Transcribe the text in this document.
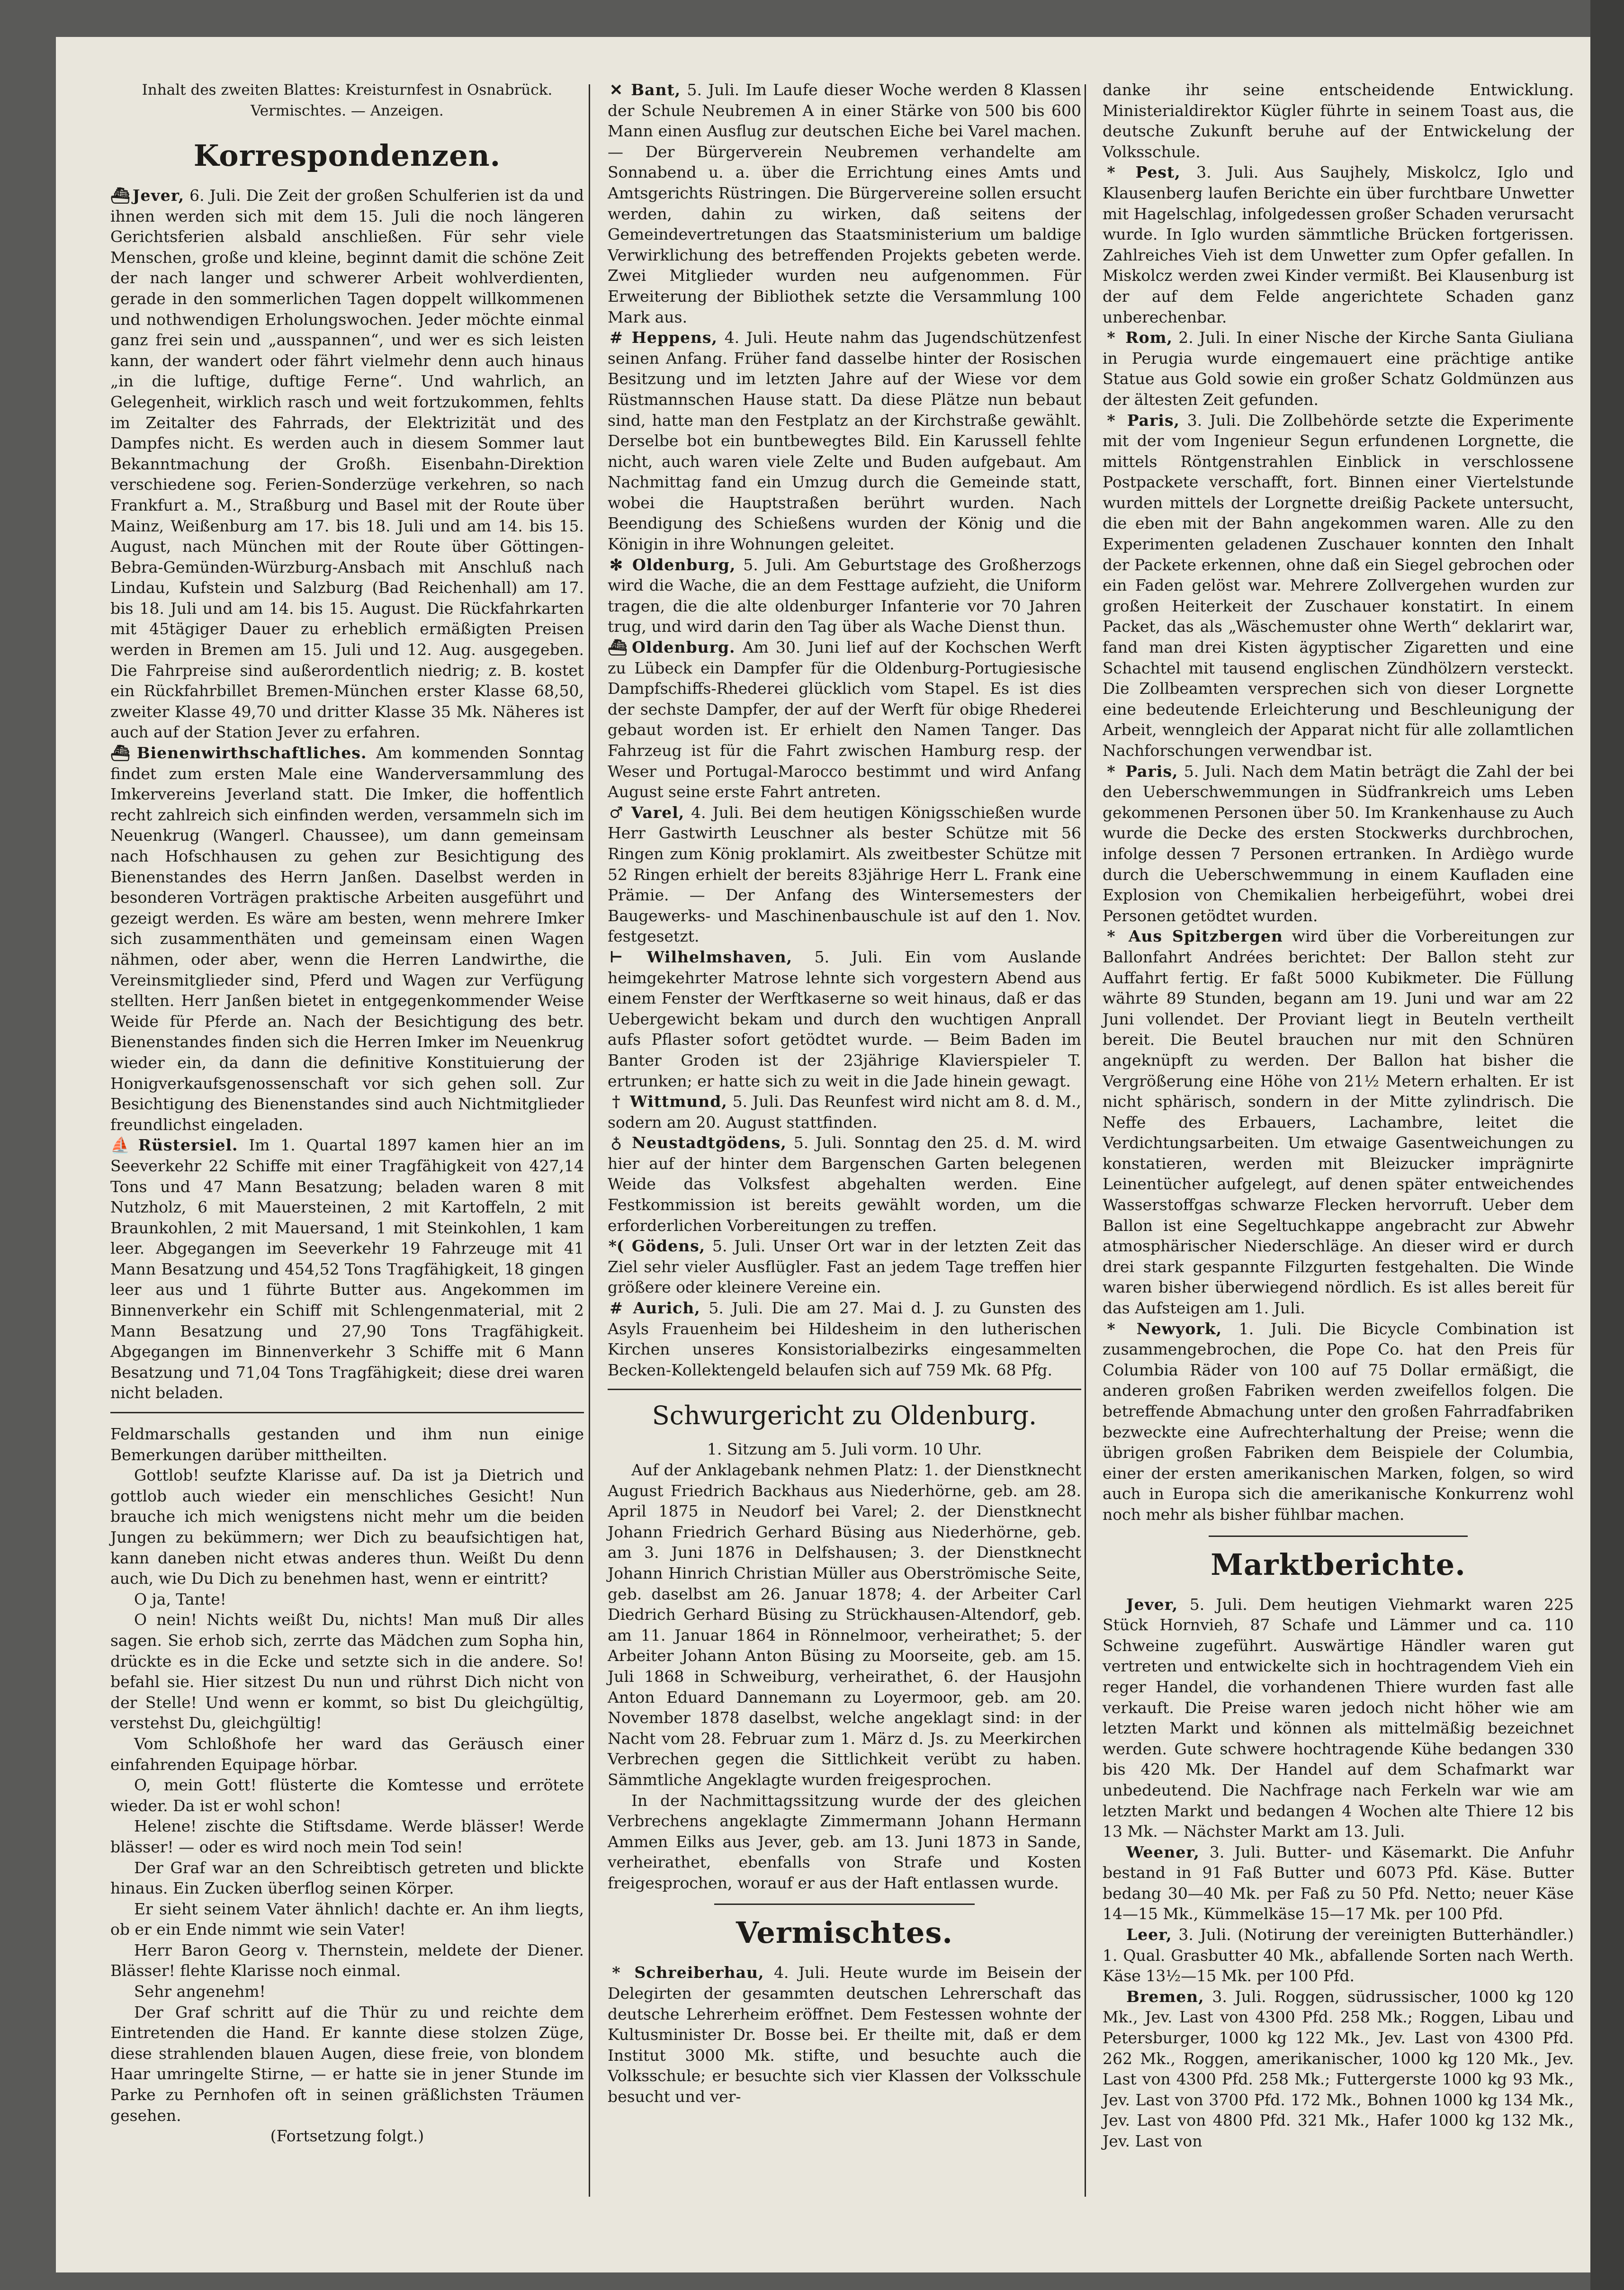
Inhalt des zweiten Blattes: Kreisturnfest in Osnabrück.
Vermischtes. — Anzeigen.

Korrespondenzen.

⛴ Jever, 6. Juli. Die Zeit der großen Schulferien ist da und ihnen werden sich mit dem 15. Juli die noch längeren Gerichtsferien alsbald anschließen. Für sehr viele Menschen, große und kleine, beginnt damit die schöne Zeit der nach langer und schwerer Arbeit wohlverdienten, gerade in den sommerlichen Tagen doppelt willkommenen und nothwendigen Erholungswochen. Jeder möchte einmal ganz frei sein und „ausspannen“, und wer es sich leisten kann, der wandert oder fährt vielmehr denn auch hinaus „in die luftige, duftige Ferne“. Und wahrlich, an Gelegenheit, wirklich rasch und weit fortzukommen, fehlts im Zeitalter des Fahrrads, der Elektrizität und des Dampfes nicht. Es werden auch in diesem Sommer laut Bekanntmachung der Großh. Eisenbahn-Direktion verschiedene sog. Ferien-Sonderzüge verkehren, so nach Frankfurt a. M., Straßburg und Basel mit der Route über Mainz, Weißenburg am 17. bis 18. Juli und am 14. bis 15. August, nach München mit der Route über Göttingen-Bebra-Gemünden-Würzburg-Ansbach mit Anschluß nach Lindau, Kufstein und Salzburg (Bad Reichenhall) am 17. bis 18. Juli und am 14. bis 15. August. Die Rückfahrkarten mit 45tägiger Dauer zu erheblich ermäßigten Preisen werden in Bremen am 15. Juli und 12. Aug. ausgegeben. Die Fahrpreise sind außerordentlich niedrig; z. B. kostet ein Rückfahrbillet Bremen-München erster Klasse 68,50, zweiter Klasse 49,70 und dritter Klasse 35 Mk. Näheres ist auch auf der Station Jever zu erfahren.

⛴ Bienenwirthschaftliches. Am kommenden Sonntag findet zum ersten Male eine Wanderversammlung des Imkervereins Jeverland statt. Die Imker, die hoffentlich recht zahlreich sich einfinden werden, versammeln sich im Neuenkrug (Wangerl. Chaussee), um dann gemeinsam nach Hofschhausen zu gehen zur Besichtigung des Bienenstandes des Herrn Janßen. Daselbst werden in besonderen Vorträgen praktische Arbeiten ausgeführt und gezeigt werden. Es wäre am besten, wenn mehrere Imker sich zusammenthäten und gemeinsam einen Wagen nähmen, oder aber, wenn die Herren Landwirthe, die Vereinsmitglieder sind, Pferd und Wagen zur Verfügung stellten. Herr Janßen bietet in entgegenkommender Weise Weide für Pferde an. Nach der Besichtigung des betr. Bienenstandes finden sich die Herren Imker im Neuenkrug wieder ein, da dann die definitive Konstituierung der Honigverkaufsgenossenschaft vor sich gehen soll. Zur Besichtigung des Bienenstandes sind auch Nichtmitglieder freundlichst eingeladen.

⛵ Rüstersiel. Im 1. Quartal 1897 kamen hier an im Seeverkehr 22 Schiffe mit einer Tragfähigkeit von 427,14 Tons und 47 Mann Besatzung; beladen waren 8 mit Nutzholz, 6 mit Mauersteinen, 2 mit Kartoffeln, 2 mit Braunkohlen, 2 mit Mauersand, 1 mit Steinkohlen, 1 kam leer. Abgegangen im Seeverkehr 19 Fahrzeuge mit 41 Mann Besatzung und 454,52 Tons Tragfähigkeit, 18 gingen leer aus und 1 führte Butter aus. Angekommen im Binnenverkehr ein Schiff mit Schlengenmaterial, mit 2 Mann Besatzung und 27,90 Tons Tragfähigkeit. Abgegangen im Binnenverkehr 3 Schiffe mit 6 Mann Besatzung und 71,04 Tons Tragfähigkeit; diese drei waren nicht beladen.

Feldmarschalls gestanden und ihm nun einige Bemerkungen darüber mittheilten.

Gottlob! seufzte Klarisse auf. Da ist ja Dietrich und gottlob auch wieder ein menschliches Gesicht! Nun brauche ich mich wenigstens nicht mehr um die beiden Jungen zu bekümmern; wer Dich zu beaufsichtigen hat, kann daneben nicht etwas anderes thun. Weißt Du denn auch, wie Du Dich zu benehmen hast, wenn er eintritt?

O ja, Tante!

O nein! Nichts weißt Du, nichts! Man muß Dir alles sagen. Sie erhob sich, zerrte das Mädchen zum Sopha hin, drückte es in die Ecke und setzte sich in die andere. So! befahl sie. Hier sitzest Du nun und rührst Dich nicht von der Stelle! Und wenn er kommt, so bist Du gleichgültig, verstehst Du, gleichgültig!

Vom Schloßhofe her ward das Geräusch einer einfahrenden Equipage hörbar.

O, mein Gott! flüsterte die Komtesse und errötete wieder. Da ist er wohl schon!

Helene! zischte die Stiftsdame. Werde blässer! Werde blässer! — oder es wird noch mein Tod sein!

Der Graf war an den Schreibtisch getreten und blickte hinaus. Ein Zucken überflog seinen Körper.

Er sieht seinem Vater ähnlich! dachte er. An ihm liegts, ob er ein Ende nimmt wie sein Vater!

Herr Baron Georg v. Thernstein, meldete der Diener. Blässer! flehte Klarisse noch einmal.

Sehr angenehm!

Der Graf schritt auf die Thür zu und reichte dem Eintretenden die Hand. Er kannte diese stolzen Züge, diese strahlenden blauen Augen, diese freie, von blondem Haar umringelte Stirne, — er hatte sie in jener Stunde im Parke zu Pernhofen oft in seinen gräßlichsten Träumen gesehen.

(Fortsetzung folgt.)

✕ Bant, 5. Juli. Im Laufe dieser Woche werden 8 Klassen der Schule Neubremen A in einer Stärke von 500 bis 600 Mann einen Ausflug zur deutschen Eiche bei Varel machen. — Der Bürgerverein Neubremen verhandelte am Sonnabend u. a. über die Errichtung eines Amts und Amtsgerichts Rüstringen. Die Bürgervereine sollen ersucht werden, dahin zu wirken, daß seitens der Gemeindevertretungen das Staatsministerium um baldige Verwirklichung des betreffenden Projekts gebeten werde. Zwei Mitglieder wurden neu aufgenommen. Für Erweiterung der Bibliothek setzte die Versammlung 100 Mark aus.

# Heppens, 4. Juli. Heute nahm das Jugendschützenfest seinen Anfang. Früher fand dasselbe hinter der Rosischen Besitzung und im letzten Jahre auf der Wiese vor dem Rüstmannschen Hause statt. Da diese Plätze nun bebaut sind, hatte man den Festplatz an der Kirchstraße gewählt. Derselbe bot ein buntbewegtes Bild. Ein Karussell fehlte nicht, auch waren viele Zelte und Buden aufgebaut. Am Nachmittag fand ein Umzug durch die Gemeinde statt, wobei die Hauptstraßen berührt wurden. Nach Beendigung des Schießens wurden der König und die Königin in ihre Wohnungen geleitet.

✻ Oldenburg, 5. Juli. Am Geburtstage des Großherzogs wird die Wache, die an dem Festtage aufzieht, die Uniform tragen, die die alte oldenburger Infanterie vor 70 Jahren trug, und wird darin den Tag über als Wache Dienst thun.

⛴ Oldenburg. Am 30. Juni lief auf der Kochschen Werft zu Lübeck ein Dampfer für die Oldenburg-Portugiesische Dampfschiffs-Rhederei glücklich vom Stapel. Es ist dies der sechste Dampfer, der auf der Werft für obige Rhederei gebaut worden ist. Er erhielt den Namen Tanger. Das Fahrzeug ist für die Fahrt zwischen Hamburg resp. der Weser und Portugal-Marocco bestimmt und wird Anfang August seine erste Fahrt antreten.

♂ Varel, 4. Juli. Bei dem heutigen Königsschießen wurde Herr Gastwirth Leuschner als bester Schütze mit 56 Ringen zum König proklamirt. Als zweitbester Schütze mit 52 Ringen erhielt der bereits 83jährige Herr L. Frank eine Prämie. — Der Anfang des Wintersemesters der Baugewerks- und Maschinenbauschule ist auf den 1. Nov. festgesetzt.

⊢ Wilhelmshaven, 5. Juli. Ein vom Auslande heimgekehrter Matrose lehnte sich vorgestern Abend aus einem Fenster der Werftkaserne so weit hinaus, daß er das Uebergewicht bekam und durch den wuchtigen Anprall aufs Pflaster sofort getödtet wurde. — Beim Baden im Banter Groden ist der 23jährige Klavierspieler T. ertrunken; er hatte sich zu weit in die Jade hinein gewagt.

† Wittmund, 5. Juli. Das Reunfest wird nicht am 8. d. M., sodern am 20. August stattfinden.

♁ Neustadtgödens, 5. Juli. Sonntag den 25. d. M. wird hier auf der hinter dem Bargenschen Garten belegenen Weide das Volksfest abgehalten werden. Eine Festkommission ist bereits gewählt worden, um die erforderlichen Vorbereitungen zu treffen.

*( Gödens, 5. Juli. Unser Ort war in der letzten Zeit das Ziel sehr vieler Ausflügler. Fast an jedem Tage treffen hier größere oder kleinere Vereine ein.

# Aurich, 5. Juli. Die am 27. Mai d. J. zu Gunsten des Asyls Frauenheim bei Hildesheim in den lutherischen Kirchen unseres Konsistorialbezirks eingesammelten Becken-Kollektengeld belaufen sich auf 759 Mk. 68 Pfg.

Schwurgericht zu Oldenburg.

1. Sitzung am 5. Juli vorm. 10 Uhr.

Auf der Anklagebank nehmen Platz: 1. der Dienstknecht August Friedrich Backhaus aus Niederhörne, geb. am 28. April 1875 in Neudorf bei Varel; 2. der Dienstknecht Johann Friedrich Gerhard Büsing aus Niederhörne, geb. am 3. Juni 1876 in Delfshausen; 3. der Dienstknecht Johann Hinrich Christian Müller aus Oberströmische Seite, geb. daselbst am 26. Januar 1878; 4. der Arbeiter Carl Diedrich Gerhard Büsing zu Strückhausen-Altendorf, geb. am 11. Januar 1864 in Rönnelmoor, verheirathet; 5. der Arbeiter Johann Anton Büsing zu Moorseite, geb. am 15. Juli 1868 in Schweiburg, verheirathet, 6. der Hausjohn Anton Eduard Dannemann zu Loyermoor, geb. am 20. November 1878 daselbst, welche angeklagt sind: in der Nacht vom 28. Februar zum 1. März d. Js. zu Meerkirchen Verbrechen gegen die Sittlichkeit verübt zu haben. Sämmtliche Angeklagte wurden freigesprochen.

In der Nachmittagssitzung wurde der des gleichen Verbrechens angeklagte Zimmermann Johann Hermann Ammen Eilks aus Jever, geb. am 13. Juni 1873 in Sande, verheirathet, ebenfalls von Strafe und Kosten freigesprochen, worauf er aus der Haft entlassen wurde.

Vermischtes.

* Schreiberhau, 4. Juli. Heute wurde im Beisein der Delegirten der gesammten deutschen Lehrerschaft das deutsche Lehrerheim eröffnet. Dem Festessen wohnte der Kultusminister Dr. Bosse bei. Er theilte mit, daß er dem Institut 3000 Mk. stifte, und besuchte auch die Volksschule; er besuchte sich vier Klassen der Volksschule besucht und ver-

danke ihr seine entscheidende Entwicklung. Ministerialdirektor Kügler führte in seinem Toast aus, die deutsche Zukunft beruhe auf der Entwickelung der Volksschule.

* Pest, 3. Juli. Aus Saujhely, Miskolcz, Iglo und Klausenberg laufen Berichte ein über furchtbare Unwetter mit Hagelschlag, infolgedessen großer Schaden verursacht wurde. In Iglo wurden sämmtliche Brücken fortgerissen. Zahlreiches Vieh ist dem Unwetter zum Opfer gefallen. In Miskolcz werden zwei Kinder vermißt. Bei Klausenburg ist der auf dem Felde angerichtete Schaden ganz unberechenbar.

* Rom, 2. Juli. In einer Nische der Kirche Santa Giuliana in Perugia wurde eingemauert eine prächtige antike Statue aus Gold sowie ein großer Schatz Goldmünzen aus der ältesten Zeit gefunden.

* Paris, 3. Juli. Die Zollbehörde setzte die Experimente mit der vom Ingenieur Segun erfundenen Lorgnette, die mittels Röntgenstrahlen Einblick in verschlossene Postpackete verschafft, fort. Binnen einer Viertelstunde wurden mittels der Lorgnette dreißig Packete untersucht, die eben mit der Bahn angekommen waren. Alle zu den Experimenten geladenen Zuschauer konnten den Inhalt der Packete erkennen, ohne daß ein Siegel gebrochen oder ein Faden gelöst war. Mehrere Zollvergehen wurden zur großen Heiterkeit der Zuschauer konstatirt. In einem Packet, das als „Wäschemuster ohne Werth“ deklarirt war, fand man drei Kisten ägyptischer Zigaretten und eine Schachtel mit tausend englischen Zündhölzern versteckt. Die Zollbeamten versprechen sich von dieser Lorgnette eine bedeutende Erleichterung und Beschleunigung der Arbeit, wenngleich der Apparat nicht für alle zollamtlichen Nachforschungen verwendbar ist.

* Paris, 5. Juli. Nach dem Matin beträgt die Zahl der bei den Ueberschwemmungen in Südfrankreich ums Leben gekommenen Personen über 50. Im Krankenhause zu Auch wurde die Decke des ersten Stockwerks durchbrochen, infolge dessen 7 Personen ertranken. In Ardiègo wurde durch die Ueberschwemmung in einem Kaufladen eine Explosion von Chemikalien herbeigeführt, wobei drei Personen getödtet wurden.

* Aus Spitzbergen wird über die Vorbereitungen zur Ballonfahrt Andrées berichtet: Der Ballon steht zur Auffahrt fertig. Er faßt 5000 Kubikmeter. Die Füllung währte 89 Stunden, begann am 19. Juni und war am 22 Juni vollendet. Der Proviant liegt in Beuteln vertheilt bereit. Die Beutel brauchen nur mit den Schnüren angeknüpft zu werden. Der Ballon hat bisher die Vergrößerung eine Höhe von 21½ Metern erhalten. Er ist nicht sphärisch, sondern in der Mitte zylindrisch. Die Neffe des Erbauers, Lachambre, leitet die Verdichtungsarbeiten. Um etwaige Gasentweichungen zu konstatieren, werden mit Bleizucker imprägnirte Leinentücher aufgelegt, auf denen später entweichendes Wasserstoffgas schwarze Flecken hervorruft. Ueber dem Ballon ist eine Segeltuchkappe angebracht zur Abwehr atmosphärischer Niederschläge. An dieser wird er durch drei stark gespannte Filzgurten festgehalten. Die Winde waren bisher überwiegend nördlich. Es ist alles bereit für das Aufsteigen am 1. Juli.

* Newyork, 1. Juli. Die Bicycle Combination ist zusammengebrochen, die Pope Co. hat den Preis für Columbia Räder von 100 auf 75 Dollar ermäßigt, die anderen großen Fabriken werden zweifellos folgen. Die betreffende Abmachung unter den großen Fahrradfabriken bezweckte eine Aufrechterhaltung der Preise; wenn die übrigen großen Fabriken dem Beispiele der Columbia, einer der ersten amerikanischen Marken, folgen, so wird auch in Europa sich die amerikanische Konkurrenz wohl noch mehr als bisher fühlbar machen.

Marktberichte.

Jever, 5. Juli. Dem heutigen Viehmarkt waren 225 Stück Hornvieh, 87 Schafe und Lämmer und ca. 110 Schweine zugeführt. Auswärtige Händler waren gut vertreten und entwickelte sich in hochtragendem Vieh ein reger Handel, die vorhandenen Thiere wurden fast alle verkauft. Die Preise waren jedoch nicht höher wie am letzten Markt und können als mittelmäßig bezeichnet werden. Gute schwere hochtragende Kühe bedangen 330 bis 420 Mk. Der Handel auf dem Schafmarkt war unbedeutend. Die Nachfrage nach Ferkeln war wie am letzten Markt und bedangen 4 Wochen alte Thiere 12 bis 13 Mk. — Nächster Markt am 13. Juli.

Weener, 3. Juli. Butter- und Käsemarkt. Die Anfuhr bestand in 91 Faß Butter und 6073 Pfd. Käse. Butter bedang 30—40 Mk. per Faß zu 50 Pfd. Netto; neuer Käse 14—15 Mk., Kümmelkäse 15—17 Mk. per 100 Pfd.

Leer, 3. Juli. (Notirung der vereinigten Butterhändler.) 1. Qual. Grasbutter 40 Mk., abfallende Sorten nach Werth. Käse 13½—15 Mk. per 100 Pfd.

Bremen, 3. Juli. Roggen, südrussischer, 1000 kg 120 Mk., Jev. Last von 4300 Pfd. 258 Mk.; Roggen, Libau und Petersburger, 1000 kg 122 Mk., Jev. Last von 4300 Pfd. 262 Mk., Roggen, amerikanischer, 1000 kg 120 Mk., Jev. Last von 4300 Pfd. 258 Mk.; Futtergerste 1000 kg 93 Mk., Jev. Last von 3700 Pfd. 172 Mk., Bohnen 1000 kg 134 Mk., Jev. Last von 4800 Pfd. 321 Mk., Hafer 1000 kg 132 Mk., Jev. Last von
